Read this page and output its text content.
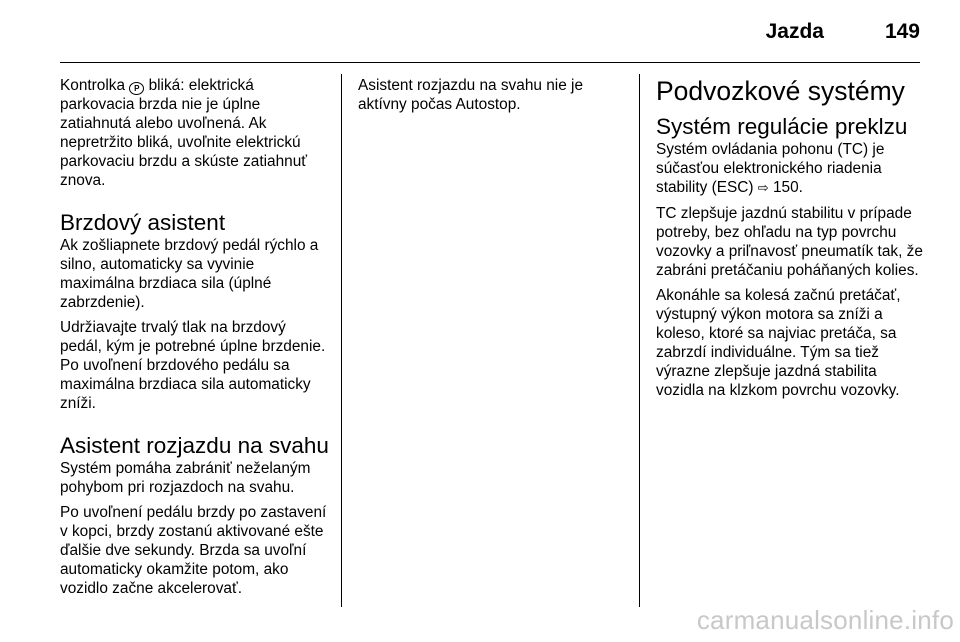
Jazda	149

Kontrolka P bliká: elektrická parkovacia brzda nie je úplne zatiahnutá alebo uvoľnená. Ak nepretržito bliká, uvoľnite elektrickú parkovaciu brzdu a skúste zatiahnuť znova.

Brzdový asistent

Ak zošliapnete brzdový pedál rýchlo a silno, automaticky sa vyvinie maximálna brzdiaca sila (úplné zabrzdenie).

Udržiavajte trvalý tlak na brzdový pedál, kým je potrebné úplne brzdenie. Po uvoľnení brzdového pedálu sa maximálna brzdiaca sila automaticky zníži.

Asistent rozjazdu na svahu

Systém pomáha zabrániť neželaným pohybom pri rozjazdoch na svahu.

Po uvoľnení pedálu brzdy po zastavení v kopci, brzdy zostanú aktivované ešte ďalšie dve sekundy. Brzda sa uvoľní automaticky okamžite potom, ako vozidlo začne akcelerovať.

Asistent rozjazdu na svahu nie je aktívny počas Autostop.	Podvozkové systémy
Systém regulácie preklzu

Systém ovládania pohonu (TC) je súčasťou elektronického riadenia stability (ESC) ⇨ 150.

TC zlepšuje jazdnú stabilitu v prípade potreby, bez ohľadu na typ povrchu vozovky a priľnavosť pneumatík tak, že zabráni pretáčaniu poháňaných kolies.

Akonáhle sa kolesá začnú pretáčať, výstupný výkon motora sa zníži a koleso, ktoré sa najviac pretáča, sa zabrzdí individuálne. Tým sa tiež výrazne zlepšuje jazdná stabilita vozidla na klzkom povrchu vozovky.

carmanualsonline.info
